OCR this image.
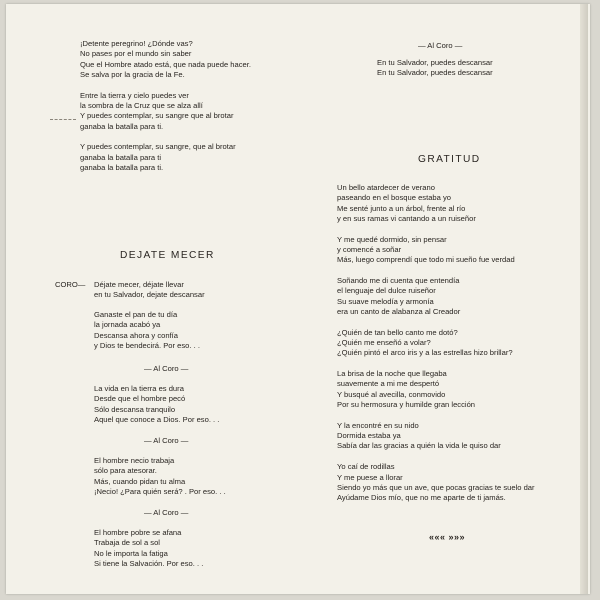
¡Detente peregrino! ¿Dónde vas?
No pases por el mundo sin saber
Que el Hombre atado está, que nada puede hacer.
Se salva por la gracia de la Fe.
Entre la tierra y cielo puedes ver
la sombra de la Cruz que se alza allí
Y puedes contemplar, su sangre que al brotar
ganaba la batalla para ti.
Y puedes contemplar, su sangre, que al brotar
ganaba la batalla para ti
ganaba la batalla para ti.
DEJATE MECER
CORO— Déjate mecer, déjate llevar
en tu Salvador, dejate descansar
Ganaste el pan de tu día
la jornada acabó ya
Descansa ahora y confía
y Dios te bendecirá. Por eso. . .
— Al Coro —
La vida en la tierra es dura
Desde que el hombre pecó
Sólo descansa tranquilo
Aquel que conoce a Dios. Por eso. . .
— Al Coro —
El hombre necio trabaja
sólo para atesorar.
Más, cuando pidan tu alma
¡Necio! ¿Para quién será? . Por eso. . .
— Al Coro —
El hombre pobre se afana
Trabaja de sol a sol
No le importa la fatiga
Si tiene la Salvación. Por eso. . .
— Al Coro —
En tu Salvador, puedes descansar
En tu Salvador, puedes descansar
GRATITUD
Un bello atardecer de verano
paseando en el bosque estaba yo
Me senté junto a un árbol, frente al río
y en sus ramas vi cantando a un ruiseñor
Y me quedé dormido, sin pensar
y comencé a soñar
Más, luego comprendí que todo mi sueño fue verdad
Soñando me di cuenta que entendía
el lenguaje del dulce ruiseñor
Su suave melodía y armonía
era un canto de alabanza al Creador
¿Quién de tan bello canto me dotó?
¿Quién me enseñó a volar?
¿Quién pintó el arco iris y a las estrellas hizo brillar?
La brisa de la noche que llegaba
suavemente a mi me despertó
Y busqué al avecilla, conmovido
Por su hermosura y humilde gran lección
Y la encontré en su nido
Dormida estaba ya
Sabía dar las gracias a quién la vida le quiso dar
Yo caí de rodillas
Y me puese a llorar
Siendo yo más que un ave, que pocas gracias te suelo dar
Ayúdame Dios mío, que no me aparte de ti jamás.
««« »»»
